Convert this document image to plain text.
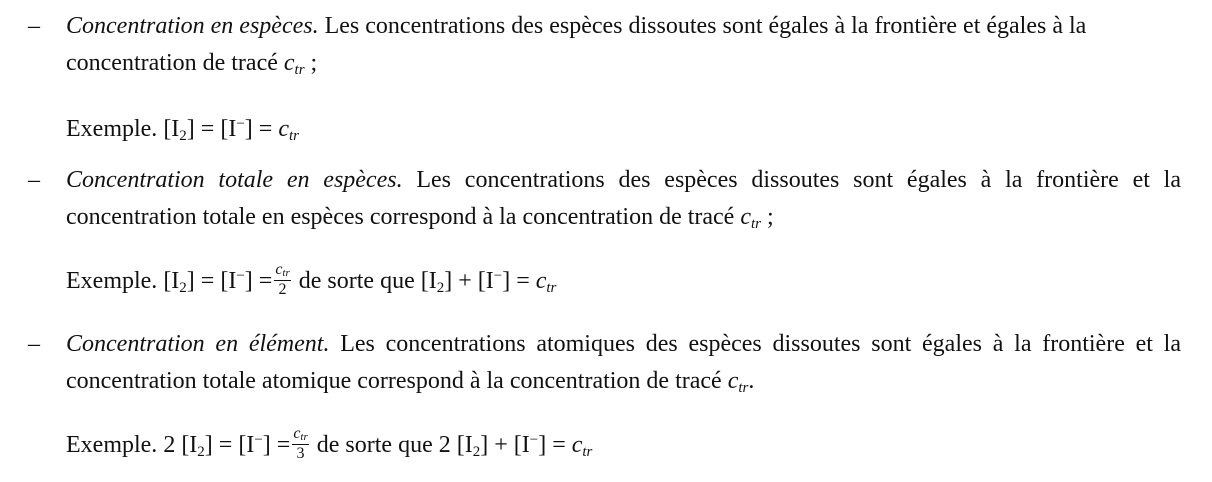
– Concentration en espèces. Les concentrations des espèces dissoutes sont égales à la frontière et égales à la concentration de tracé $c_{tr}$ ;
Exemple. $[I_2] = [I^-] = c_{tr}$
– Concentration totale en espèces. Les concentrations des espèces dissoutes sont égales à la frontière et la concentration totale en espèces correspond à la concentration de tracé $c_{tr}$ ;
Exemple. $[I_2] = [I^-] = \frac{c_{tr}}{2}$ de sorte que $[I_2] + [I^-] = c_{tr}$
– Concentration en élément. Les concentrations atomiques des espèces dissoutes sont égales à la frontière et la concentration totale atomique correspond à la concentration de tracé $c_{tr}$.
Exemple. 2 $[I_2] = [I^-] = \frac{c_{tr}}{3}$ de sorte que 2 $[I_2] + [I^-] = c_{tr}$
